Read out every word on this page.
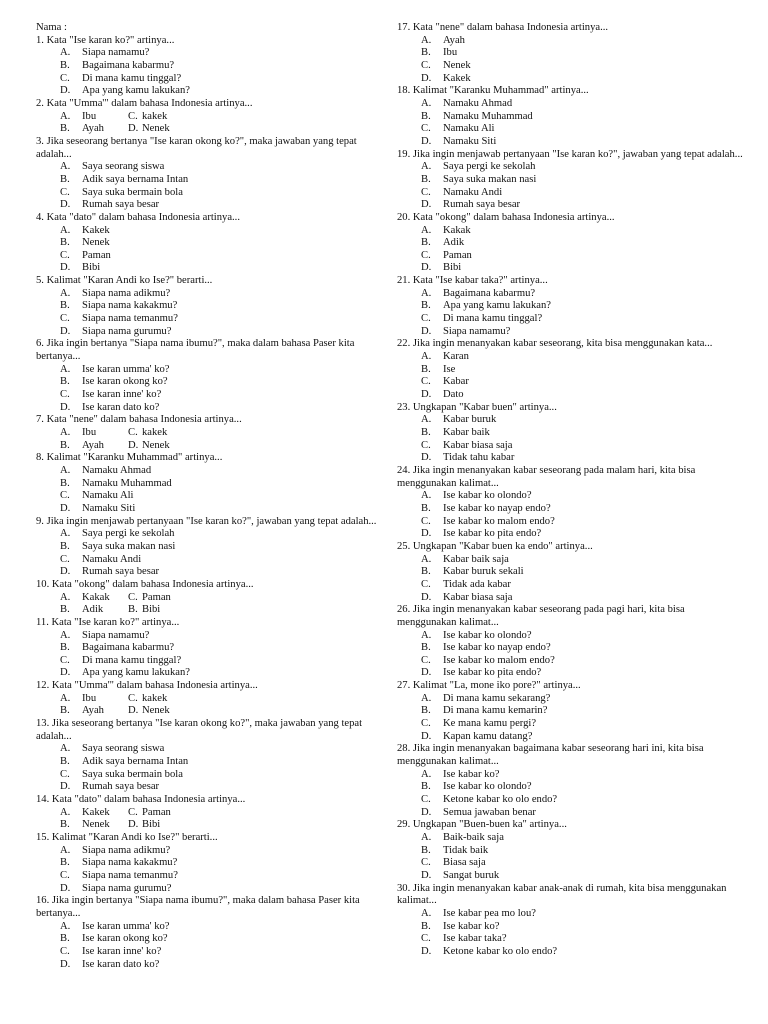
Nama :
1. Kata "Ise karan ko?" artinya...
A. Siapa namamu?
B. Bagaimana kabarmu?
C. Di mana kamu tinggal?
D. Apa yang kamu lakukan?
2. Kata "Umma'" dalam bahasa Indonesia artinya...
A. Ibu	C. kakek
B. Ayah D. Nenek
3. Jika seseorang bertanya "Ise karan okong ko?", maka jawaban yang tepat adalah...
A. Saya seorang siswa
B. Adik saya bernama Intan
C. Saya suka bermain bola
D. Rumah saya besar
4. Kata "dato" dalam bahasa Indonesia artinya...
A. Kakek
B. Nenek
C. Paman
D. Bibi
5. Kalimat "Karan Andi ko Ise?" berarti...
A. Siapa nama adikmu?
B. Siapa nama kakakmu?
C. Siapa nama temanmu?
D. Siapa nama gurumu?
6. Jika ingin bertanya "Siapa nama ibumu?", maka dalam bahasa Paser kita bertanya...
A. Ise karan umma' ko?
B. Ise karan okong ko?
C. Ise karan inne' ko?
D. Ise karan dato ko?
7. Kata "nene" dalam bahasa Indonesia artinya...
A. Ibu	C. kakek
B. Ayah D. Nenek
8. Kalimat "Karanku Muhammad" artinya...
A. Namaku Ahmad
B. Namaku Muhammad
C. Namaku Ali
D. Namaku Siti
9. Jika ingin menjawab pertanyaan "Ise karan ko?", jawaban yang tepat adalah...
A. Saya pergi ke sekolah
B. Saya suka makan nasi
C. Namaku Andi
D. Rumah saya besar
10. Kata "okong" dalam bahasa Indonesia artinya...
A. Kakak C. Paman
B. Adik B. Bibi
11. Kata "Ise karan ko?" artinya...
A. Siapa namamu?
B. Bagaimana kabarmu?
C. Di mana kamu tinggal?
D. Apa yang kamu lakukan?
12. Kata "Umma'" dalam bahasa Indonesia artinya...
A. Ibu	C. kakek
B. Ayah D. Nenek
13. Jika seseorang bertanya "Ise karan okong ko?", maka jawaban yang tepat adalah...
A. Saya seorang siswa
B. Adik saya bernama Intan
C. Saya suka bermain bola
D. Rumah saya besar
14. Kata "dato" dalam bahasa Indonesia artinya...
A. Kakek C. Paman
B. Nenek D. Bibi
15. Kalimat "Karan Andi ko Ise?" berarti...
A. Siapa nama adikmu?
B. Siapa nama kakakmu?
C. Siapa nama temanmu?
D. Siapa nama gurumu?
16. Jika ingin bertanya "Siapa nama ibumu?", maka dalam bahasa Paser kita bertanya...
A. Ise karan umma' ko?
B. Ise karan okong ko?
C. Ise karan inne' ko?
D. Ise karan dato ko?
17. Kata "nene" dalam bahasa Indonesia artinya...
A. Ayah
B. Ibu
C. Nenek
D. Kakek
18. Kalimat "Karanku Muhammad" artinya...
A. Namaku Ahmad
B. Namaku Muhammad
C. Namaku Ali
D. Namaku Siti
19. Jika ingin menjawab pertanyaan "Ise karan ko?", jawaban yang tepat adalah...
A. Saya pergi ke sekolah
B. Saya suka makan nasi
C. Namaku Andi
D. Rumah saya besar
20. Kata "okong" dalam bahasa Indonesia artinya...
A. Kakak
B. Adik
C. Paman
D. Bibi
21. Kata "Ise kabar taka?" artinya...
A. Bagaimana kabarmu?
B. Apa yang kamu lakukan?
C. Di mana kamu tinggal?
D. Siapa namamu?
22. Jika ingin menanyakan kabar seseorang, kita bisa menggunakan kata...
A. Karan
B. Ise
C. Kabar
D. Dato
23. Ungkapan "Kabar buen" artinya...
A. Kabar buruk
B. Kabar baik
C. Kabar biasa saja
D. Tidak tahu kabar
24. Jika ingin menanyakan kabar seseorang pada malam hari, kita bisa menggunakan kalimat...
A. Ise kabar ko olondo?
B. Ise kabar ko nayap endo?
C. Ise kabar ko malom endo?
D. Ise kabar ko pita endo?
25. Ungkapan "Kabar buen ka endo" artinya...
A. Kabar baik saja
B. Kabar buruk sekali
C. Tidak ada kabar
D. Kabar biasa saja
26. Jika ingin menanyakan kabar seseorang pada pagi hari, kita bisa menggunakan kalimat...
A. Ise kabar ko olondo?
B. Ise kabar ko nayap endo?
C. Ise kabar ko malom endo?
D. Ise kabar ko pita endo?
27. Kalimat "La, mone iko pore?" artinya...
A. Di mana kamu sekarang?
B. Di mana kamu kemarin?
C. Ke mana kamu pergi?
D. Kapan kamu datang?
28. Jika ingin menanyakan bagaimana kabar seseorang hari ini, kita bisa menggunakan kalimat...
A. Ise kabar ko?
B. Ise kabar ko olondo?
C. Ketone kabar ko olo endo?
D. Semua jawaban benar
29. Ungkapan "Buen-buen ka" artinya...
A. Baik-baik saja
B. Tidak baik
C. Biasa saja
D. Sangat buruk
30. Jika ingin menanyakan kabar anak-anak di rumah, kita bisa menggunakan kalimat...
A. Ise kabar pea mo lou?
B. Ise kabar ko?
C. Ise kabar taka?
D. Ketone kabar ko olo endo?
